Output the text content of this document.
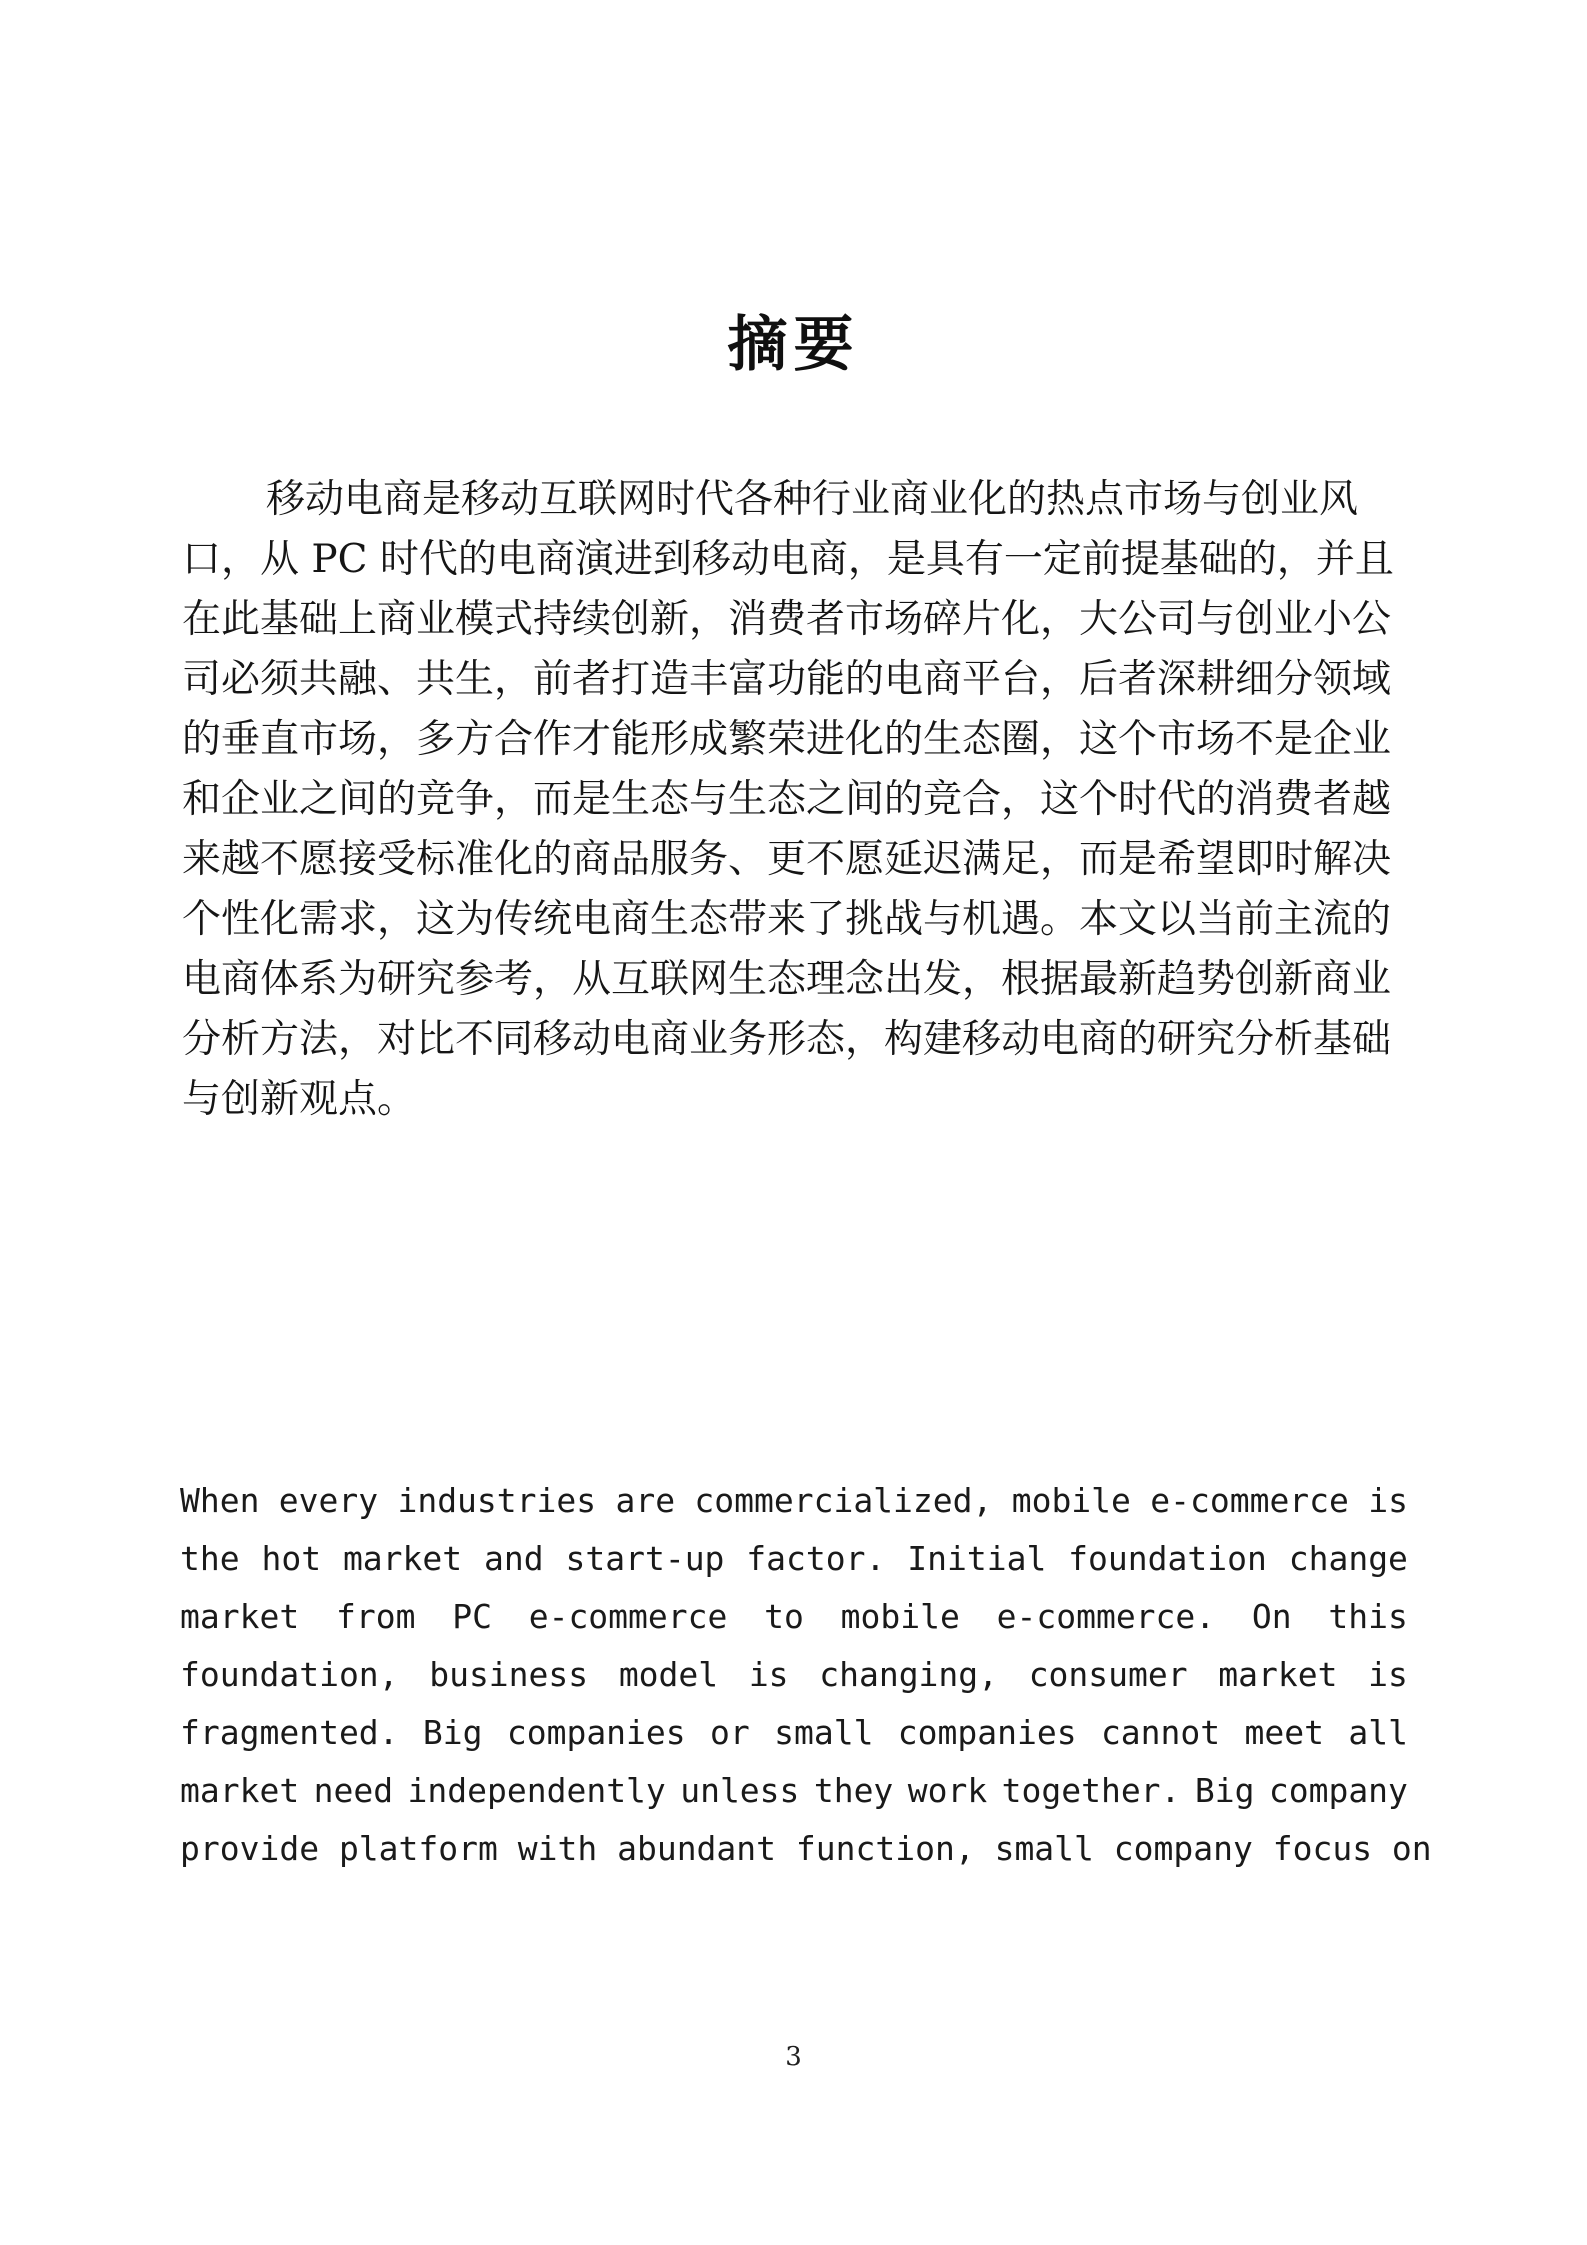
摘要
移动电商是移动互联网时代各种行业商业化的热点市场与创业风
口，从 PC 时代的电商演进到移动电商，是具有一定前提基础的，并且
在此基础上商业模式持续创新，消费者市场碎片化，大公司与创业小公
司必须共融、共生，前者打造丰富功能的电商平台，后者深耕细分领域
的垂直市场，多方合作才能形成繁荣进化的生态圈，这个市场不是企业
和企业之间的竞争，而是生态与生态之间的竞合，这个时代的消费者越
来越不愿接受标准化的商品服务、更不愿延迟满足，而是希望即时解决
个性化需求，这为传统电商生态带来了挑战与机遇。本文以当前主流的
电商体系为研究参考，从互联网生态理念出发，根据最新趋势创新商业
分析方法，对比不同移动电商业务形态，构建移动电商的研究分析基础
与创新观点。
When every industries are commercialized, mobile e-commerce is
the hot market and start-up factor. Initial foundation change
market from PC e-commerce to mobile e-commerce. On this
foundation, business model is changing, consumer market is
fragmented. Big companies or small companies cannot meet all
market need independently unless they work together. Big company
provide platform with abundant function, small company focus on
3
